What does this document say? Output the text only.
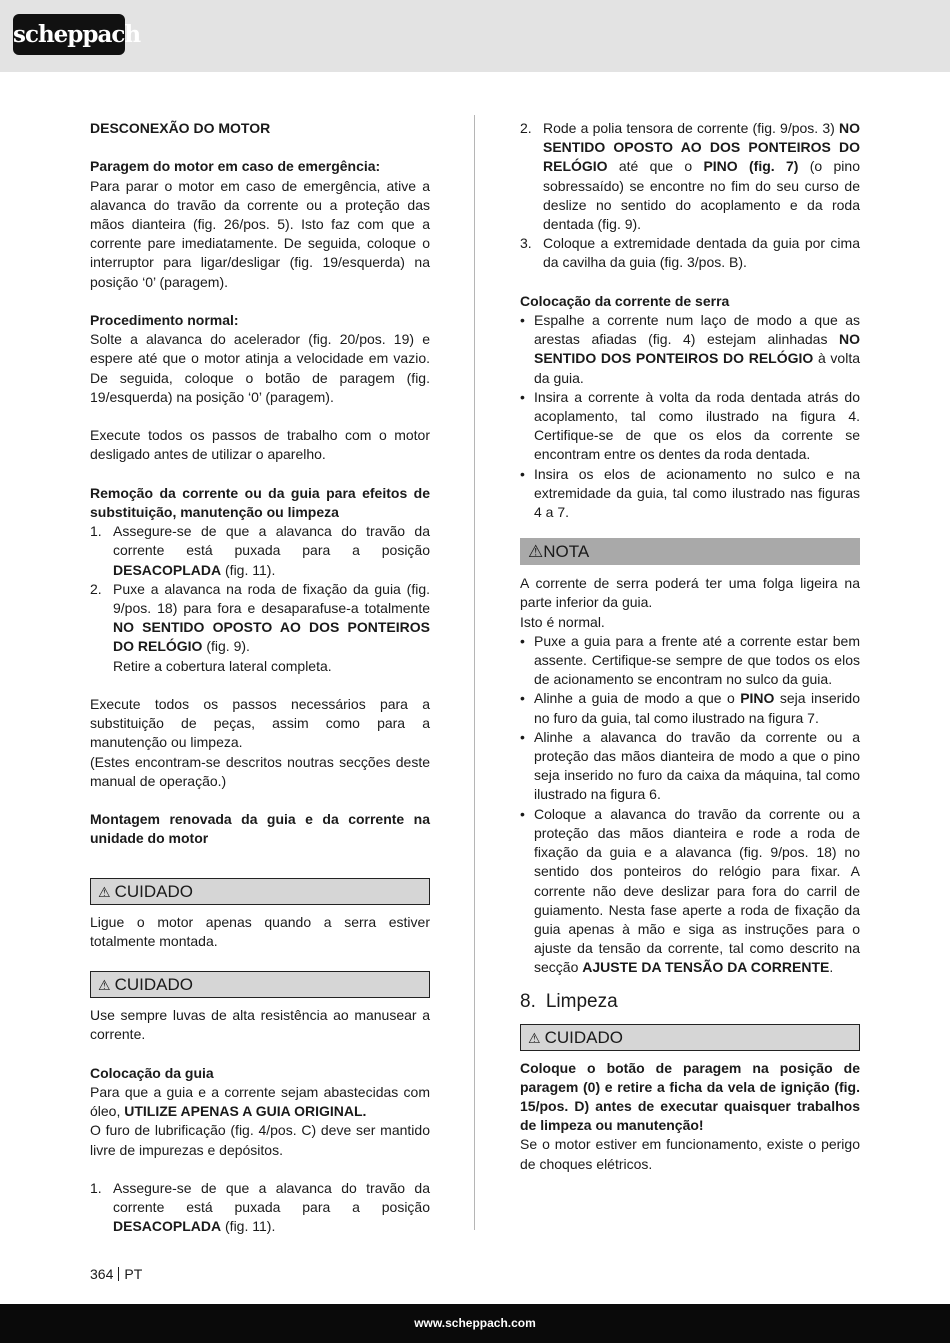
scheppach

DESCONEXÃO DO MOTOR

Paragem do motor em caso de emergência:

Para parar o motor em caso de emergência, ative a alavanca do travão da corrente ou a proteção das mãos dianteira (fig. 26/pos. 5). Isto faz com que a corrente pare imediatamente. De seguida, coloque o interruptor para ligar/desligar (fig. 19/esquerda) na posição ‘0’ (paragem).

Procedimento normal:

Solte a alavanca do acelerador (fig. 20/pos. 19) e espere até que o motor atinja a velocidade em vazio. De seguida, coloque o botão de paragem (fig. 19/esquerda) na posição ‘0’ (paragem).

Execute todos os passos de trabalho com o motor desligado antes de utilizar o aparelho.

Remoção da corrente ou da guia para efeitos de substituição, manutenção ou limpeza

1. Assegure-se de que a alavanca do travão da corrente está puxada para a posição DESACOPLADA (fig. 11).
2. Puxe a alavanca na roda de fixação da guia (fig. 9/pos. 18) para fora e desaparafuse-a totalmente NO SENTIDO OPOSTO AO DOS PONTEIROS DO RELÓGIO (fig. 9).
Retire a cobertura lateral completa.

Execute todos os passos necessários para a substituição de peças, assim como para a manutenção ou limpeza.

(Estes encontram-se descritos noutras secções deste manual de operação.)

Montagem renovada da guia e da corrente na unidade do motor

⚠ CUIDADO

Ligue o motor apenas quando a serra estiver totalmente montada.

⚠ CUIDADO

Use sempre luvas de alta resistência ao manusear a corrente.

Colocação da guia

Para que a guia e a corrente sejam abastecidas com óleo, UTILIZE APENAS A GUIA ORIGINAL.

O furo de lubrificação (fig. 4/pos. C) deve ser mantido livre de impurezas e depósitos.

1. Assegure-se de que a alavanca do travão da corrente está puxada para a posição DESACOPLADA (fig. 11).
2. Rode a polia tensora de corrente (fig. 9/pos. 3) NO SENTIDO OPOSTO AO DOS PONTEIROS DO RELÓGIO até que o PINO (fig. 7) (o pino sobressaído) se encontre no fim do seu curso de deslize no sentido do acoplamento e da roda dentada (fig. 9).
3. Coloque a extremidade dentada da guia por cima da cavilha da guia (fig. 3/pos. B).

Colocação da corrente de serra

• Espalhe a corrente num laço de modo a que as arestas afiadas (fig. 4) estejam alinhadas NO SENTIDO DOS PONTEIROS DO RELÓGIO à volta da guia.
• Insira a corrente à volta da roda dentada atrás do acoplamento, tal como ilustrado na figura 4. Certifique-se de que os elos da corrente se encontram entre os dentes da roda dentada.
• Insira os elos de acionamento no sulco e na extremidade da guia, tal como ilustrado nas figuras 4 a 7.
⚠NOTA

A corrente de serra poderá ter uma folga ligeira na parte inferior da guia.

Isto é normal.

• Puxe a guia para a frente até a corrente estar bem assente. Certifique-se sempre de que todos os elos de acionamento se encontram no sulco da guia.
• Alinhe a guia de modo a que o PINO seja inserido no furo da guia, tal como ilustrado na figura 7.
• Alinhe a alavanca do travão da corrente ou a proteção das mãos dianteira de modo a que o pino seja inserido no furo da caixa da máquina, tal como ilustrado na figura 6.
• Coloque a alavanca do travão da corrente ou a proteção das mãos dianteira e rode a roda de fixação da guia e a alavanca (fig. 9/pos. 18) no sentido dos ponteiros do relógio para fixar. A corrente não deve deslizar para fora do carril de guiamento. Nesta fase aperte a roda de fixação da guia apenas à mão e siga as instruções para o ajuste da tensão da corrente, tal como descrito na secção AJUSTE DA TENSÃO DA CORRENTE.
8. Limpeza
⚠ CUIDADO

Coloque o botão de paragem na posição de paragem (0) e retire a ficha da vela de ignição (fig. 15/pos. D) antes de executar quaisquer trabalhos de limpeza ou manutenção!

Se o motor estiver em funcionamento, existe o perigo de choques elétricos.

364 PT
www.scheppach.com
